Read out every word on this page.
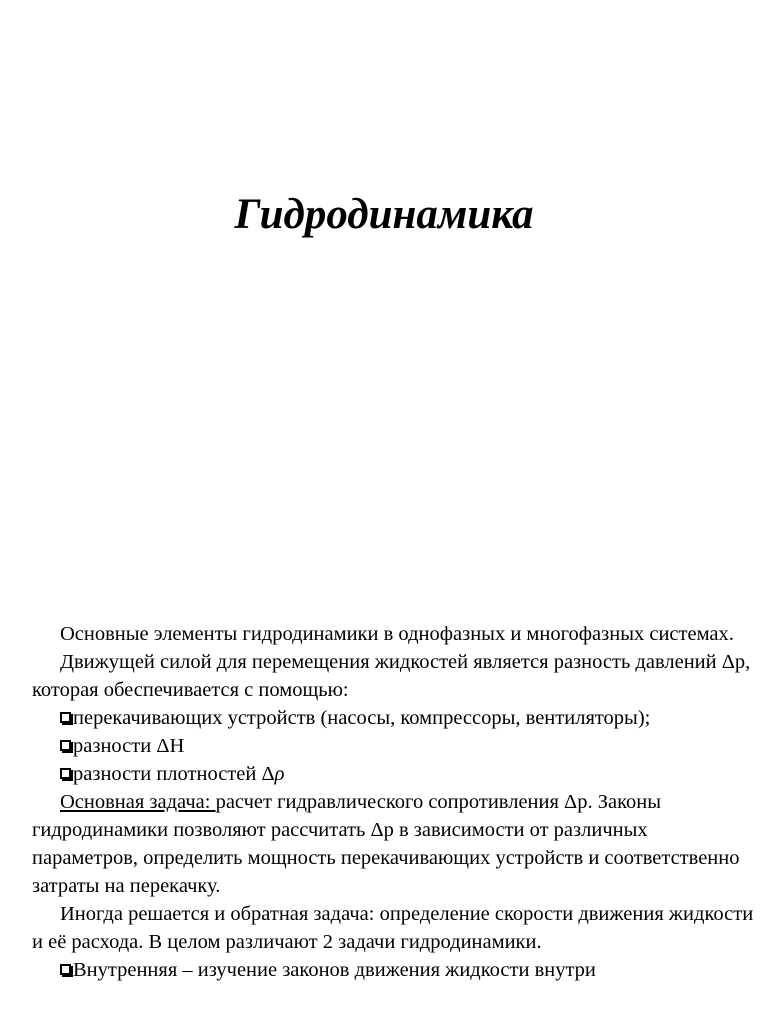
Гидродинамика

Основные элементы гидродинамики в однофазных и многофазных системах.

Движущей силой для перемещения жидкостей является разность давлений Δр, которая обеспечивается с помощью:

перекачивающих устройств (насосы, компрессоры, вентиляторы);

разности ΔН

разности плотностей Δρ

Основная задача: расчет гидравлического сопротивления Δр. Законы гидродинамики позволяют рассчитать Δр в зависимости от различных параметров, определить мощность перекачивающих устройств и соответственно затраты на перекачку.

Иногда решается и обратная задача: определение скорости движения жидкости и её расхода. В целом различают 2 задачи гидродинамики.

Внутренняя – изучение законов движения жидкости внутри
